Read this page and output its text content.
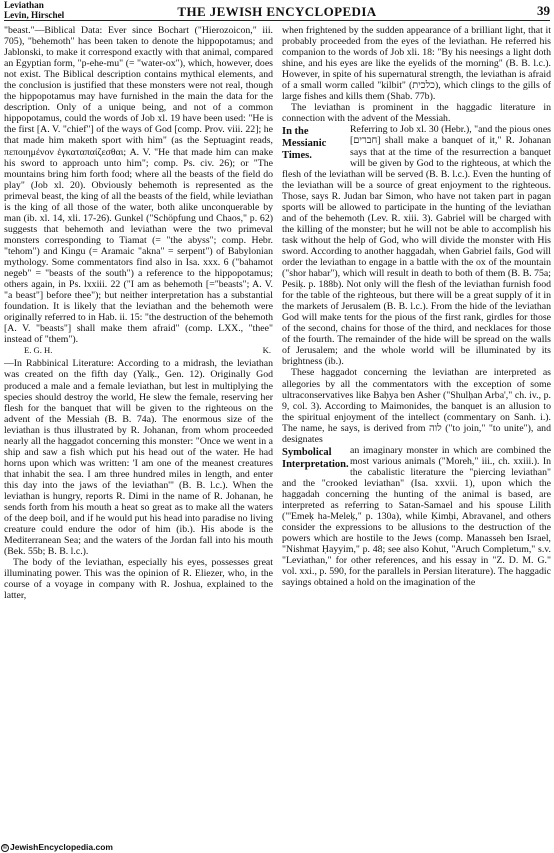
Leviathan
Levin, Hirschel	THE JEWISH ENCYCLOPEDIA	39

"beast."—Biblical Data: Ever since Bochart ("Hierozoicon," iii. 705), "behemoth" has been taken to denote the hippopotamus; and Jablonski, to make it correspond exactly with that animal, compared an Egyptian form, "p-ehe-mu" (= "water-ox"), which, however, does not exist. The Biblical description contains mythical elements, and the conclusion is justified that these monsters were not real, though the hippopotamus may have furnished in the main the data for the description. Only of a unique being, and not of a common hippopotamus, could the words of Job xl. 19 have been used: "He is the first [A. V. "chief"] of the ways of God [comp. Prov. viii. 22]; he that made him maketh sport with him" (as the Septuagint reads, πεποιημένον ἐγκαταπαίζεσθαι; A. V. "He that made him can make his sword to approach unto him"; comp. Ps. civ. 26); or "The mountains bring him forth food; where all the beasts of the field do play" (Job xl. 20). Obviously behemoth is represented as the primeval beast, the king of all the beasts of the field, while leviathan is the king of all those of the water, both alike unconquerable by man (ib. xl. 14, xli. 17-26). Gunkel ("Schöpfung und Chaos," p. 62) suggests that behemoth and leviathan were the two primeval monsters corresponding to Tiamat (= "the abyss"; comp. Hebr. "tehom") and Kingu (= Aramaic "akna" = serpent") of Babylonian mythology. Some commentators find also in Isa. xxx. 6 ("bahamot negeb" = "beasts of the south") a reference to the hippopotamus; others again, in Ps. lxxiii. 22 ("I am as behemoth [="beasts"; A. V. "a beast"] before thee"); but neither interpretation has a substantial foundation. It is likely that the leviathan and the behemoth were originally referred to in Hab. ii. 15: "the destruction of the behemoth [A. V. "beasts"] shall make them afraid" (comp. LXX., "thee" instead of "them").

E. G. H.	K.

—In Rabbinical Literature: According to a midrash, the leviathan was created on the fifth day (Yalḳ., Gen. 12). Originally God produced a male and a female leviathan, but lest in multiplying the species should destroy the world, He slew the female, reserving her flesh for the banquet that will be given to the righteous on the advent of the Messiah (B. B. 74a). The enormous size of the leviathan is thus illustrated by R. Johanan, from whom proceeded nearly all the haggadot concerning this monster: "Once we went in a ship and saw a fish which put his head out of the water. He had horns upon which was written: 'I am one of the meanest creatures that inhabit the sea. I am three hundred miles in length, and enter this day into the jaws of the leviathan'" (B. B. l.c.). When the leviathan is hungry, reports R. Dimi in the name of R. Johanan, he sends forth from his mouth a heat so great as to make all the waters of the deep boil, and if he would put his head into paradise no living creature could endure the odor of him (ib.). His abode is the Mediterranean Sea; and the waters of the Jordan fall into his mouth (Bek. 55b; B. B. l.c.).

The body of the leviathan, especially his eyes, possesses great illuminating power. This was the opinion of R. Eliezer, who, in the course of a voyage in company with R. Joshua, explained to the latter,

when frightened by the sudden appearance of a brilliant light, that it probably proceeded from the eyes of the leviathan. He referred his companion to the words of Job xli. 18: "By his neesings a light doth shine, and his eyes are like the eyelids of the morning" (B. B. l.c.). However, in spite of his supernatural strength, the leviathan is afraid of a small worm called "kilbit" (כלכית), which clings to the gills of large fishes and kills them (Shab. 77b).

The leviathan is prominent in the haggadic literature in connection with the advent of the Messiah.

In the Messianic Times.

Referring to Job xl. 30 (Hebr.), "and the pious ones [חברים] shall make a banquet of it," R. Johanan says that at the time of the resurrection a banquet will be given by God to the righteous, at which the flesh of the leviathan will be served (B. B. l.c.). Even the hunting of the leviathan will be a source of great enjoyment to the righteous. Those, says R. Judan bar Simon, who have not taken part in pagan sports will be allowed to participate in the hunting of the leviathan and of the behemoth (Lev. R. xiii. 3). Gabriel will be charged with the killing of the monster; but he will not be able to accomplish his task without the help of God, who will divide the monster with His sword. According to another haggadah, when Gabriel fails, God will order the leviathan to engage in a battle with the ox of the mountain ("shor habar"), which will result in death to both of them (B. B. 75a; Pesiḳ. p. 188b). Not only will the flesh of the leviathan furnish food for the table of the righteous, but there will be a great supply of it in the markets of Jerusalem (B. B. l.c.). From the hide of the leviathan God will make tents for the pious of the first rank, girdles for those of the second, chains for those of the third, and necklaces for those of the fourth. The remainder of the hide will be spread on the walls of Jerusalem; and the whole world will be illuminated by its brightness (ib.).

These haggadot concerning the leviathan are interpreted as allegories by all the commentators with the exception of some ultraconservatives like Baḥya ben Asher ("Shulḥan Arba'," ch. iv., p. 9, col. 3). According to Maimonides, the banquet is an allusion to the spiritual enjoyment of the intellect (commentary on Sanh. i.). The name, he says, is derived from לוה ("to join," "to unite"), and designates

Symbolical Interpretation.

an imaginary monster in which are combined the most various animals ("Moreh," iii., ch. xxiii.). In the cabalistic literature the "piercing leviathan" and the "crooked leviathan" (Isa. xxvii. 1), upon which the haggadah concerning the hunting of the animal is based, are interpreted as referring to Satan-Samael and his spouse Lilith ("'Emeḳ ha-Meleḳ," p. 130a), while Ḳimḥi, Abravanel, and others consider the expressions to be allusions to the destruction of the powers which are hostile to the Jews (comp. Manasseh ben Israel, "Nishmat Ḥayyim," p. 48; see also Kohut, "Aruch Completum," s.v. "Leviathan," for other references, and his essay in "Z. D. M. G." vol. xxi., p. 590, for the parallels in Persian literature). The haggadic sayings obtained a hold on the imagination of the

© JewishEncyclopedia.com
